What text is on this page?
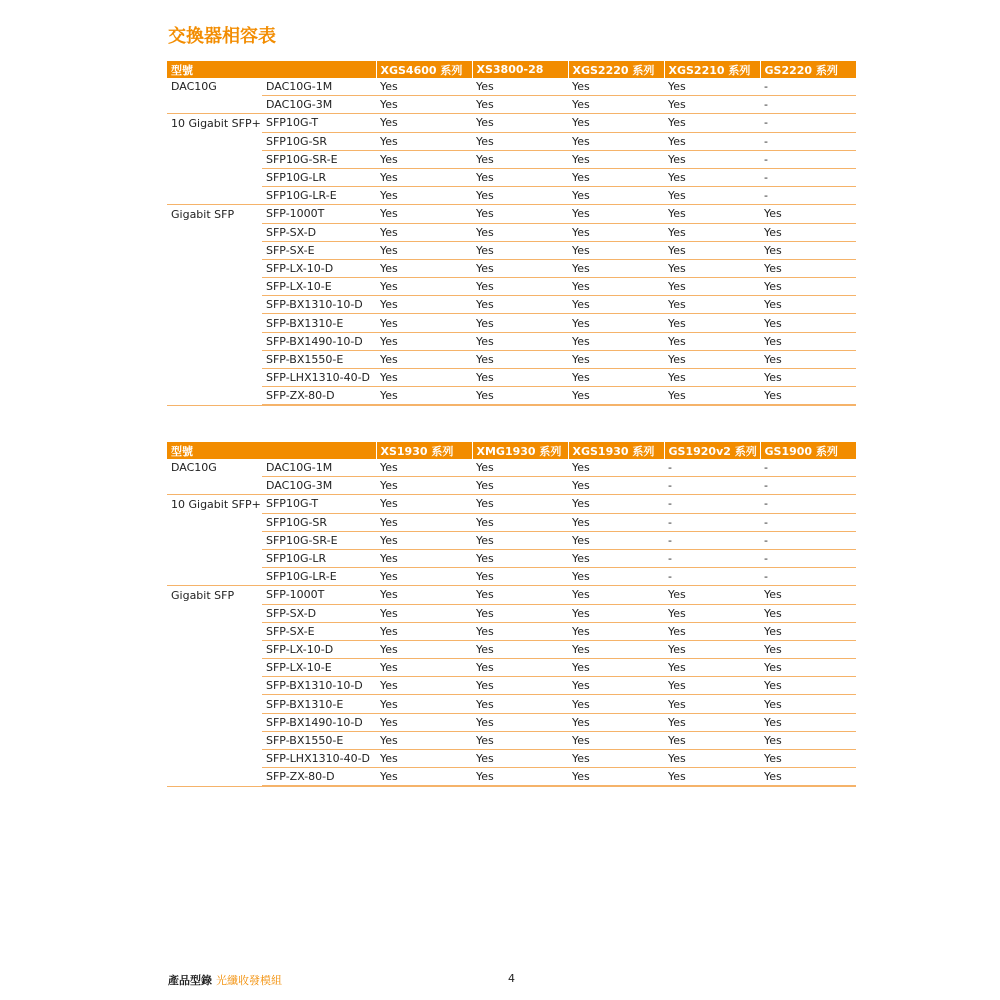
交換器相容表
型號		XGS4600 系列	XS3800-28	XGS2220 系列	XGS2210 系列	GS2220 系列
DAC10G	DAC10G-1M	Yes	Yes	Yes	Yes	-
	DAC10G-3M	Yes	Yes	Yes	Yes	-
10 Gigabit SFP+	SFP10G-T	Yes	Yes	Yes	Yes	-
	SFP10G-SR	Yes	Yes	Yes	Yes	-
	SFP10G-SR-E	Yes	Yes	Yes	Yes	-
	SFP10G-LR	Yes	Yes	Yes	Yes	-
	SFP10G-LR-E	Yes	Yes	Yes	Yes	-
Gigabit SFP	SFP-1000T	Yes	Yes	Yes	Yes	Yes
	SFP-SX-D	Yes	Yes	Yes	Yes	Yes
	SFP-SX-E	Yes	Yes	Yes	Yes	Yes
	SFP-LX-10-D	Yes	Yes	Yes	Yes	Yes
	SFP-LX-10-E	Yes	Yes	Yes	Yes	Yes
	SFP-BX1310-10-D	Yes	Yes	Yes	Yes	Yes
	SFP-BX1310-E	Yes	Yes	Yes	Yes	Yes
	SFP-BX1490-10-D	Yes	Yes	Yes	Yes	Yes
	SFP-BX1550-E	Yes	Yes	Yes	Yes	Yes
	SFP-LHX1310-40-D	Yes	Yes	Yes	Yes	Yes
	SFP-ZX-80-D	Yes	Yes	Yes	Yes	Yes
型號		XS1930 系列	XMG1930 系列	XGS1930 系列	GS1920v2 系列	GS1900 系列
DAC10G	DAC10G-1M	Yes	Yes	Yes	-	-
	DAC10G-3M	Yes	Yes	Yes	-	-
10 Gigabit SFP+	SFP10G-T	Yes	Yes	Yes	-	-
	SFP10G-SR	Yes	Yes	Yes	-	-
	SFP10G-SR-E	Yes	Yes	Yes	-	-
	SFP10G-LR	Yes	Yes	Yes	-	-
	SFP10G-LR-E	Yes	Yes	Yes	-	-
Gigabit SFP	SFP-1000T	Yes	Yes	Yes	Yes	Yes
	SFP-SX-D	Yes	Yes	Yes	Yes	Yes
	SFP-SX-E	Yes	Yes	Yes	Yes	Yes
	SFP-LX-10-D	Yes	Yes	Yes	Yes	Yes
	SFP-LX-10-E	Yes	Yes	Yes	Yes	Yes
	SFP-BX1310-10-D	Yes	Yes	Yes	Yes	Yes
	SFP-BX1310-E	Yes	Yes	Yes	Yes	Yes
	SFP-BX1490-10-D	Yes	Yes	Yes	Yes	Yes
	SFP-BX1550-E	Yes	Yes	Yes	Yes	Yes
	SFP-LHX1310-40-D	Yes	Yes	Yes	Yes	Yes
	SFP-ZX-80-D	Yes	Yes	Yes	Yes	Yes
產品型錄 光纖收發模組	4
